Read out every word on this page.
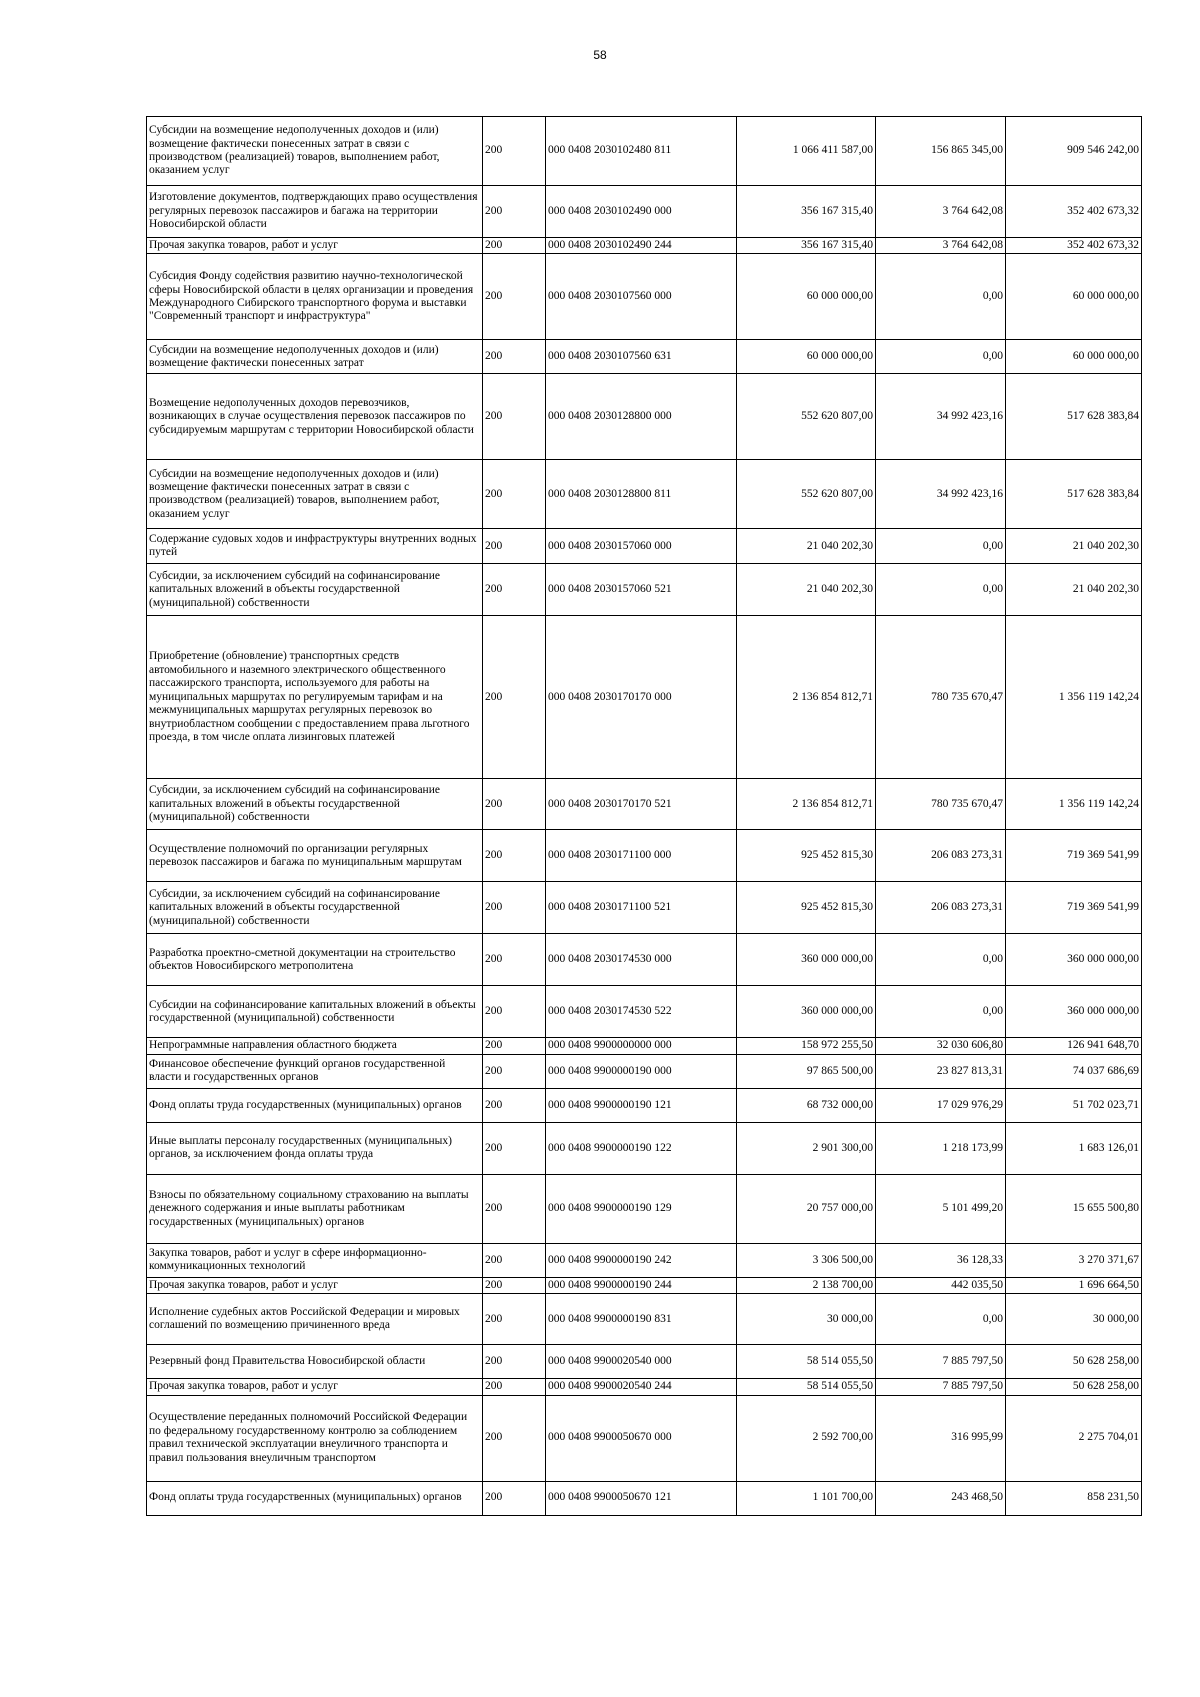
58
Субсидии на возмещение недополученных доходов и (или) возмещение фактически понесенных затрат в связи с производством (реализацией) товаров, выполнением работ, оказанием услуг	200	000 0408 2030102480 811	1 066 411 587,00	156 865 345,00	909 546 242,00
Изготовление документов, подтверждающих право осуществления регулярных перевозок пассажиров и багажа на территории Новосибирской области	200	000 0408 2030102490 000	356 167 315,40	3 764 642,08	352 402 673,32
Прочая закупка товаров, работ и услуг	200	000 0408 2030102490 244	356 167 315,40	3 764 642,08	352 402 673,32
Субсидия Фонду содействия развитию научно-технологической сферы Новосибирской области в целях организации и проведения Международного Сибирского транспортного форума и выставки "Современный транспорт и инфраструктура"	200	000 0408 2030107560 000	60 000 000,00	0,00	60 000 000,00
Субсидии на возмещение недополученных доходов и (или) возмещение фактически понесенных затрат	200	000 0408 2030107560 631	60 000 000,00	0,00	60 000 000,00
Возмещение недополученных доходов перевозчиков, возникающих в случае осуществления перевозок пассажиров по субсидируемым маршрутам с территории Новосибирской области	200	000 0408 2030128800 000	552 620 807,00	34 992 423,16	517 628 383,84
Субсидии на возмещение недополученных доходов и (или) возмещение фактически понесенных затрат в связи с производством (реализацией) товаров, выполнением работ, оказанием услуг	200	000 0408 2030128800 811	552 620 807,00	34 992 423,16	517 628 383,84
Содержание судовых ходов и инфраструктуры внутренних водных путей	200	000 0408 2030157060 000	21 040 202,30	0,00	21 040 202,30
Субсидии, за исключением субсидий на софинансирование капитальных вложений в объекты государственной (муниципальной) собственности	200	000 0408 2030157060 521	21 040 202,30	0,00	21 040 202,30
Приобретение (обновление) транспортных средств автомобильного и наземного электрического общественного пассажирского транспорта, используемого для работы на муниципальных маршрутах по регулируемым тарифам и на межмуниципальных маршрутах регулярных перевозок во внутриобластном сообщении с предоставлением права льготного проезда, в том числе оплата лизинговых платежей	200	000 0408 2030170170 000	2 136 854 812,71	780 735 670,47	1 356 119 142,24
Субсидии, за исключением субсидий на софинансирование капитальных вложений в объекты государственной (муниципальной) собственности	200	000 0408 2030170170 521	2 136 854 812,71	780 735 670,47	1 356 119 142,24
Осуществление полномочий по организации регулярных перевозок пассажиров и багажа по муниципальным маршрутам	200	000 0408 2030171100 000	925 452 815,30	206 083 273,31	719 369 541,99
Субсидии, за исключением субсидий на софинансирование капитальных вложений в объекты государственной (муниципальной) собственности	200	000 0408 2030171100 521	925 452 815,30	206 083 273,31	719 369 541,99
Разработка проектно-сметной документации на строительство объектов Новосибирского метрополитена	200	000 0408 2030174530 000	360 000 000,00	0,00	360 000 000,00
Субсидии на софинансирование капитальных вложений в объекты государственной (муниципальной) собственности	200	000 0408 2030174530 522	360 000 000,00	0,00	360 000 000,00
Непрограммные направления областного бюджета	200	000 0408 9900000000 000	158 972 255,50	32 030 606,80	126 941 648,70
Финансовое обеспечение функций органов государственной власти и государственных органов	200	000 0408 9900000190 000	97 865 500,00	23 827 813,31	74 037 686,69
Фонд оплаты труда государственных (муниципальных) органов	200	000 0408 9900000190 121	68 732 000,00	17 029 976,29	51 702 023,71
Иные выплаты персоналу государственных (муниципальных) органов, за исключением фонда оплаты труда	200	000 0408 9900000190 122	2 901 300,00	1 218 173,99	1 683 126,01
Взносы по обязательному социальному страхованию на выплаты денежного содержания и иные выплаты работникам государственных (муниципальных) органов	200	000 0408 9900000190 129	20 757 000,00	5 101 499,20	15 655 500,80
Закупка товаров, работ и услуг в сфере информационно-коммуникационных технологий	200	000 0408 9900000190 242	3 306 500,00	36 128,33	3 270 371,67
Прочая закупка товаров, работ и услуг	200	000 0408 9900000190 244	2 138 700,00	442 035,50	1 696 664,50
Исполнение судебных актов Российской Федерации и мировых соглашений по возмещению причиненного вреда	200	000 0408 9900000190 831	30 000,00	0,00	30 000,00
Резервный фонд Правительства Новосибирской области	200	000 0408 9900020540 000	58 514 055,50	7 885 797,50	50 628 258,00
Прочая закупка товаров, работ и услуг	200	000 0408 9900020540 244	58 514 055,50	7 885 797,50	50 628 258,00
Осуществление переданных полномочий Российской Федерации по федеральному государственному контролю за соблюдением правил технической эксплуатации внеуличного транспорта и правил пользования внеуличным транспортом	200	000 0408 9900050670 000	2 592 700,00	316 995,99	2 275 704,01
Фонд оплаты труда государственных (муниципальных) органов	200	000 0408 9900050670 121	1 101 700,00	243 468,50	858 231,50
